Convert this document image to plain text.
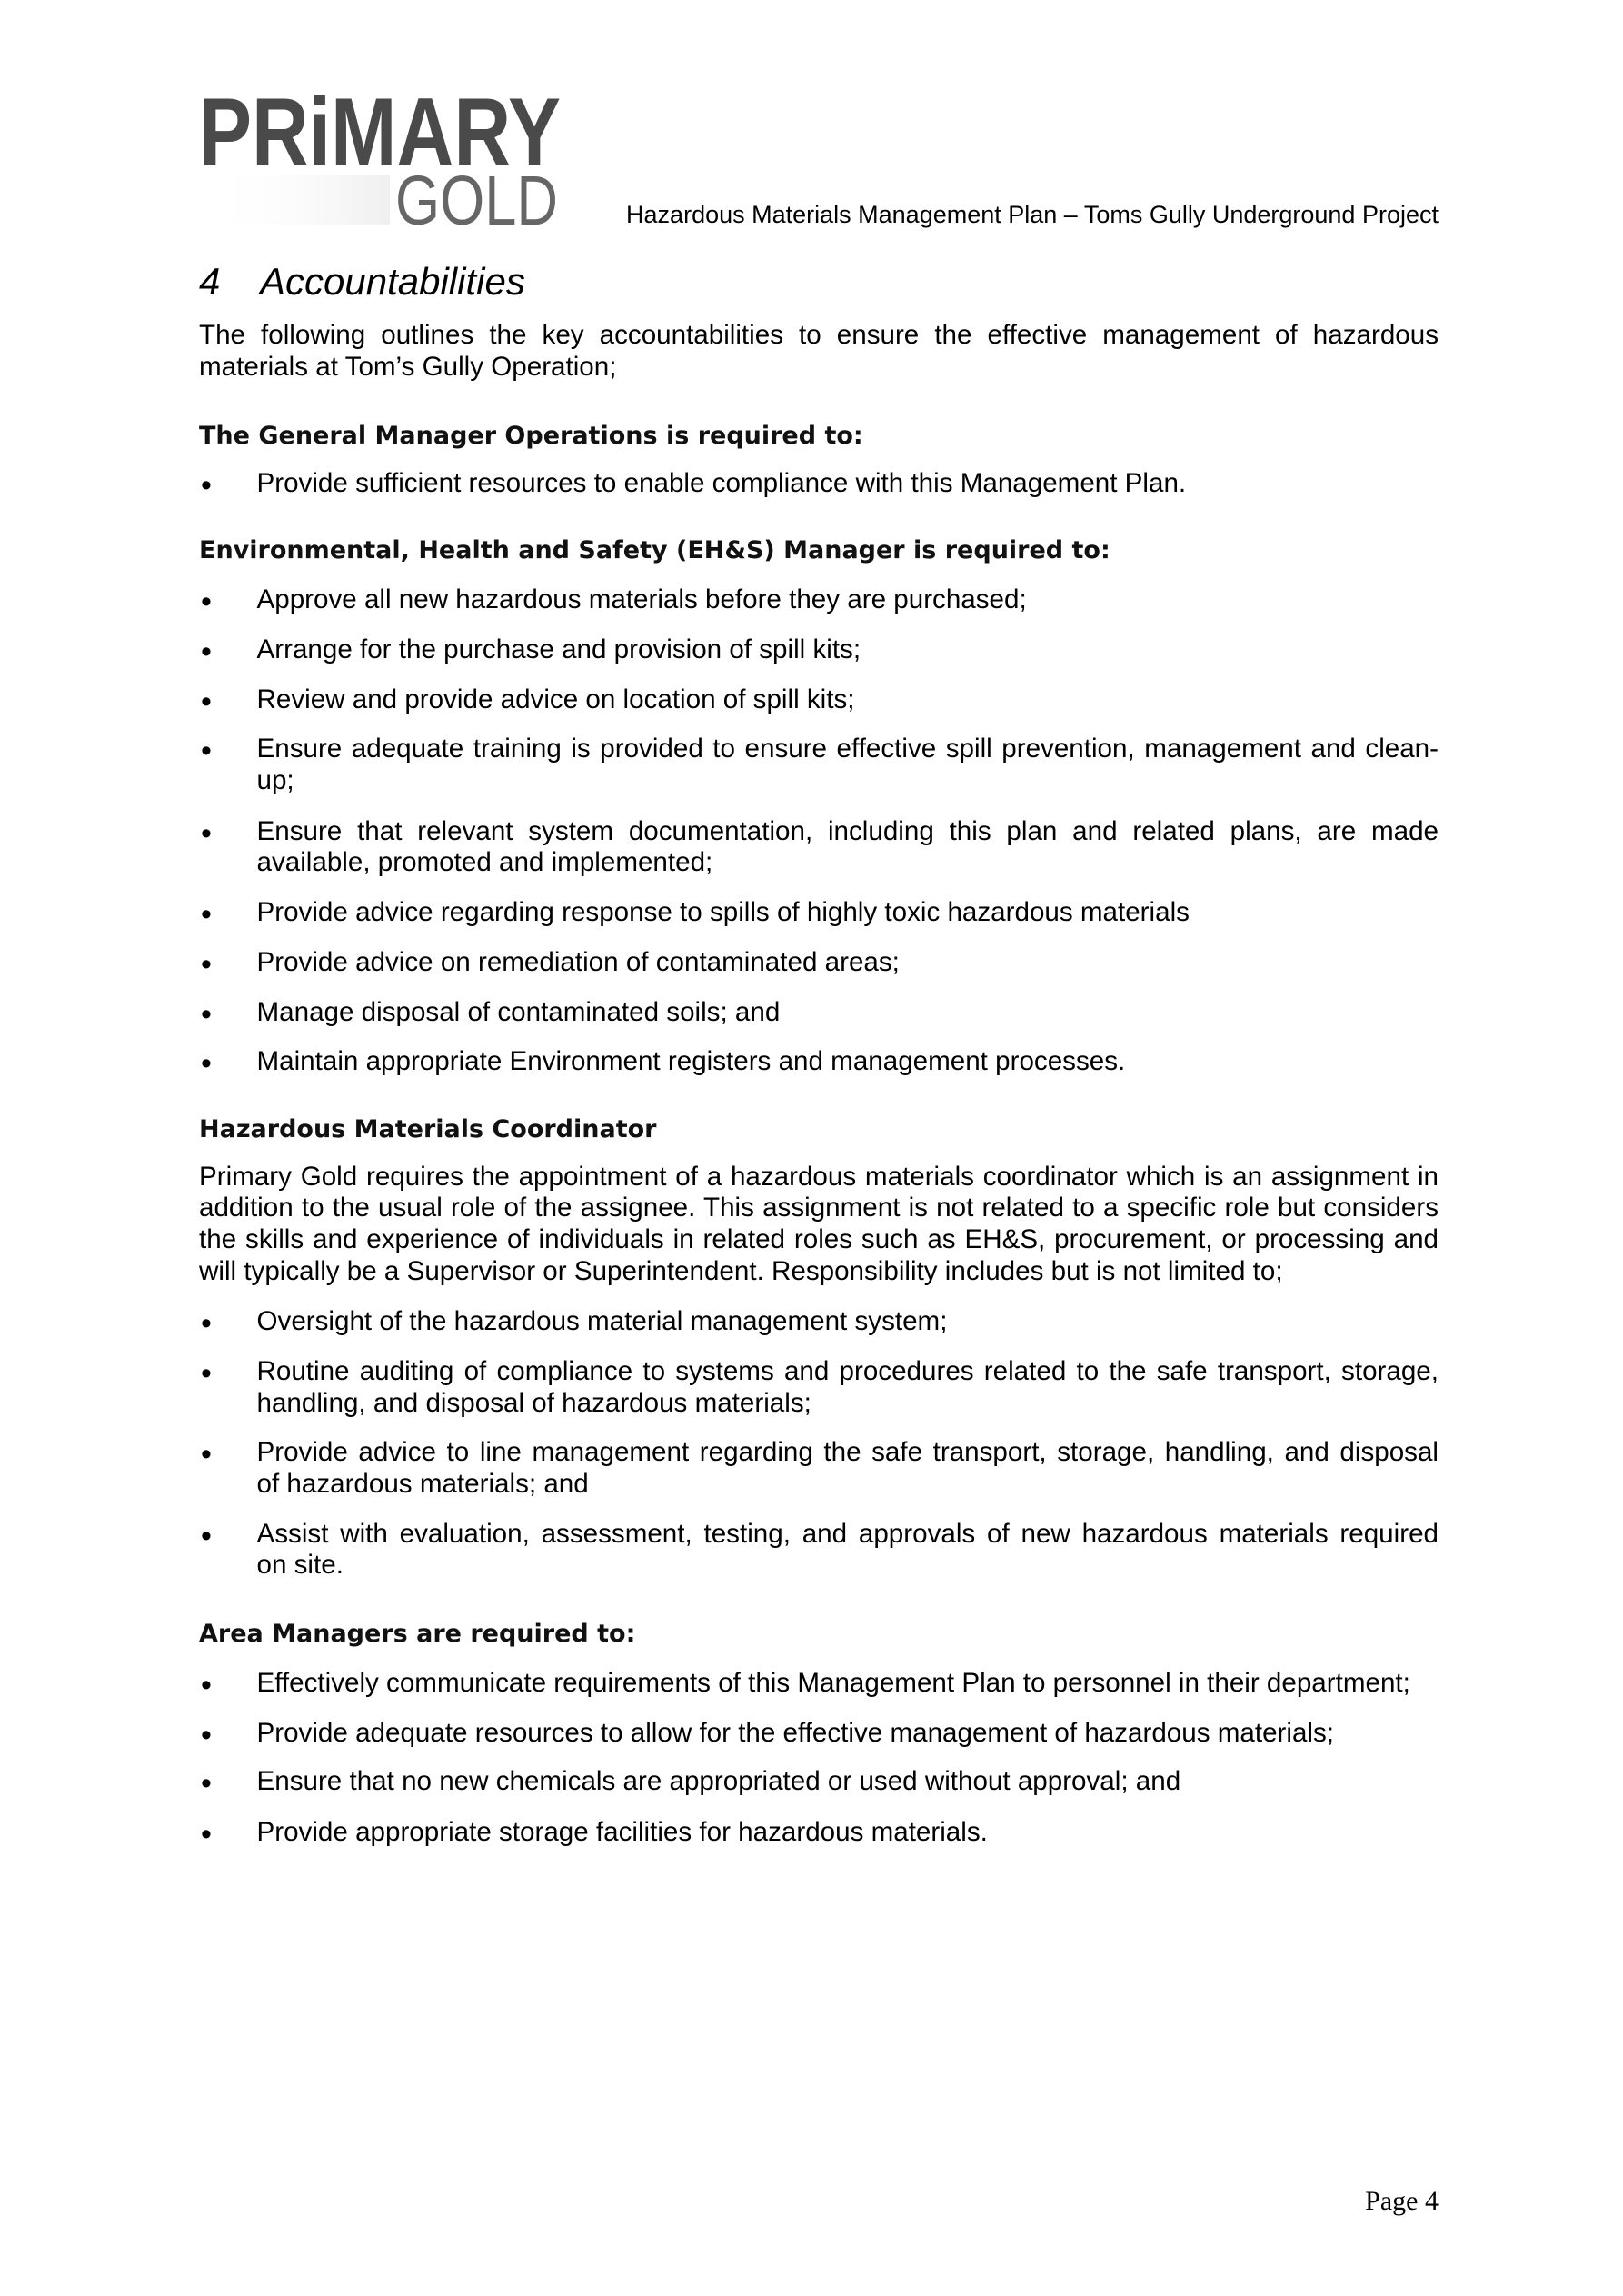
PRiMARY
GOLD	Hazardous Materials Management Plan – Toms Gully Underground Project
4 Accountabilities
The following outlines the key accountabilities to ensure the effective management of hazardous
materials at Tom’s Gully Operation;
The General Manager Operations is required to:
• Provide sufficient resources to enable compliance with this Management Plan.
Environmental, Health and Safety (EH&S) Manager is required to:
• Approve all new hazardous materials before they are purchased;
• Arrange for the purchase and provision of spill kits;
• Review and provide advice on location of spill kits;
• Ensure adequate training is provided to ensure effective spill prevention, management and clean-
up;
• Ensure that relevant system documentation, including this plan and related plans, are made
available, promoted and implemented;
• Provide advice regarding response to spills of highly toxic hazardous materials
• Provide advice on remediation of contaminated areas;
• Manage disposal of contaminated soils; and
• Maintain appropriate Environment registers and management processes.
Hazardous Materials Coordinator
Primary Gold requires the appointment of a hazardous materials coordinator which is an assignment in
addition to the usual role of the assignee. This assignment is not related to a specific role but considers
the skills and experience of individuals in related roles such as EH&S, procurement, or processing and
will typically be a Supervisor or Superintendent. Responsibility includes but is not limited to;
• Oversight of the hazardous material management system;
• Routine auditing of compliance to systems and procedures related to the safe transport, storage,
handling, and disposal of hazardous materials;
• Provide advice to line management regarding the safe transport, storage, handling, and disposal
of hazardous materials; and
• Assist with evaluation, assessment, testing, and approvals of new hazardous materials required
on site.
Area Managers are required to:
• Effectively communicate requirements of this Management Plan to personnel in their department;
• Provide adequate resources to allow for the effective management of hazardous materials;
• Ensure that no new chemicals are appropriated or used without approval; and
• Provide appropriate storage facilities for hazardous materials.
Page 4
